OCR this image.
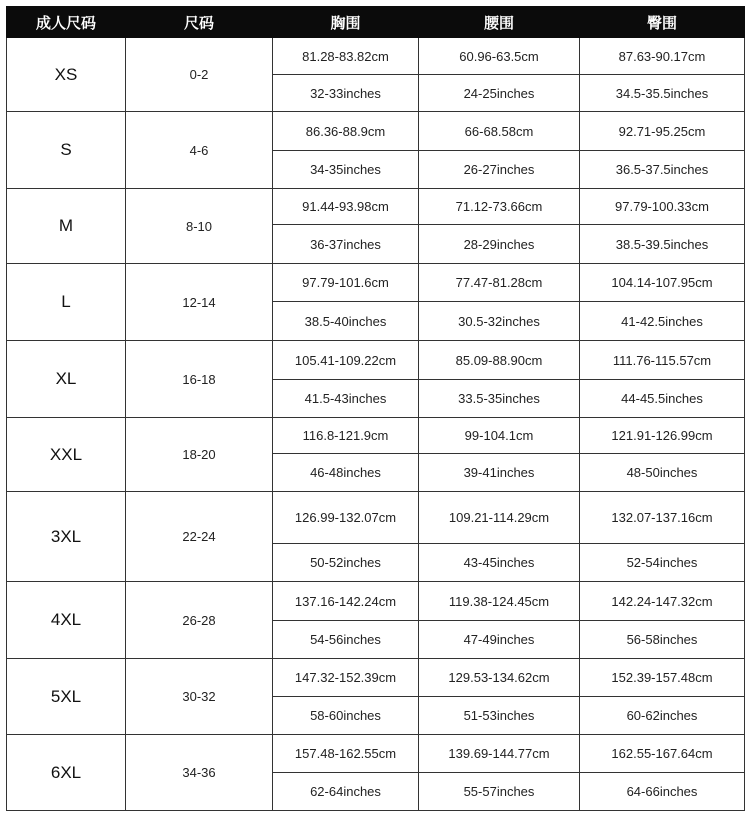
成人尺码	尺码	胸围	腰围	臀围
XS	0-2	81.28-83.82cm	60.96-63.5cm	87.63-90.17cm
		32-33inches	24-25inches	34.5-35.5inches
S	4-6	86.36-88.9cm	66-68.58cm	92.71-95.25cm
		34-35inches	26-27inches	36.5-37.5inches
M	8-10	91.44-93.98cm	71.12-73.66cm	97.79-100.33cm
		36-37inches	28-29inches	38.5-39.5inches
L	12-14	97.79-101.6cm	77.47-81.28cm	104.14-107.95cm
		38.5-40inches	30.5-32inches	41-42.5inches
XL	16-18	105.41-109.22cm	85.09-88.90cm	111.76-115.57cm
		41.5-43inches	33.5-35inches	44-45.5inches
XXL	18-20	116.8-121.9cm	99-104.1cm	121.91-126.99cm
		46-48inches	39-41inches	48-50inches
3XL	22-24	126.99-132.07cm	109.21-114.29cm	132.07-137.16cm
		50-52inches	43-45inches	52-54inches
4XL	26-28	137.16-142.24cm	119.38-124.45cm	142.24-147.32cm
		54-56inches	47-49inches	56-58inches
5XL	30-32	147.32-152.39cm	129.53-134.62cm	152.39-157.48cm
		58-60inches	51-53inches	60-62inches
6XL	34-36	157.48-162.55cm	139.69-144.77cm	162.55-167.64cm
		62-64inches	55-57inches	64-66inches
